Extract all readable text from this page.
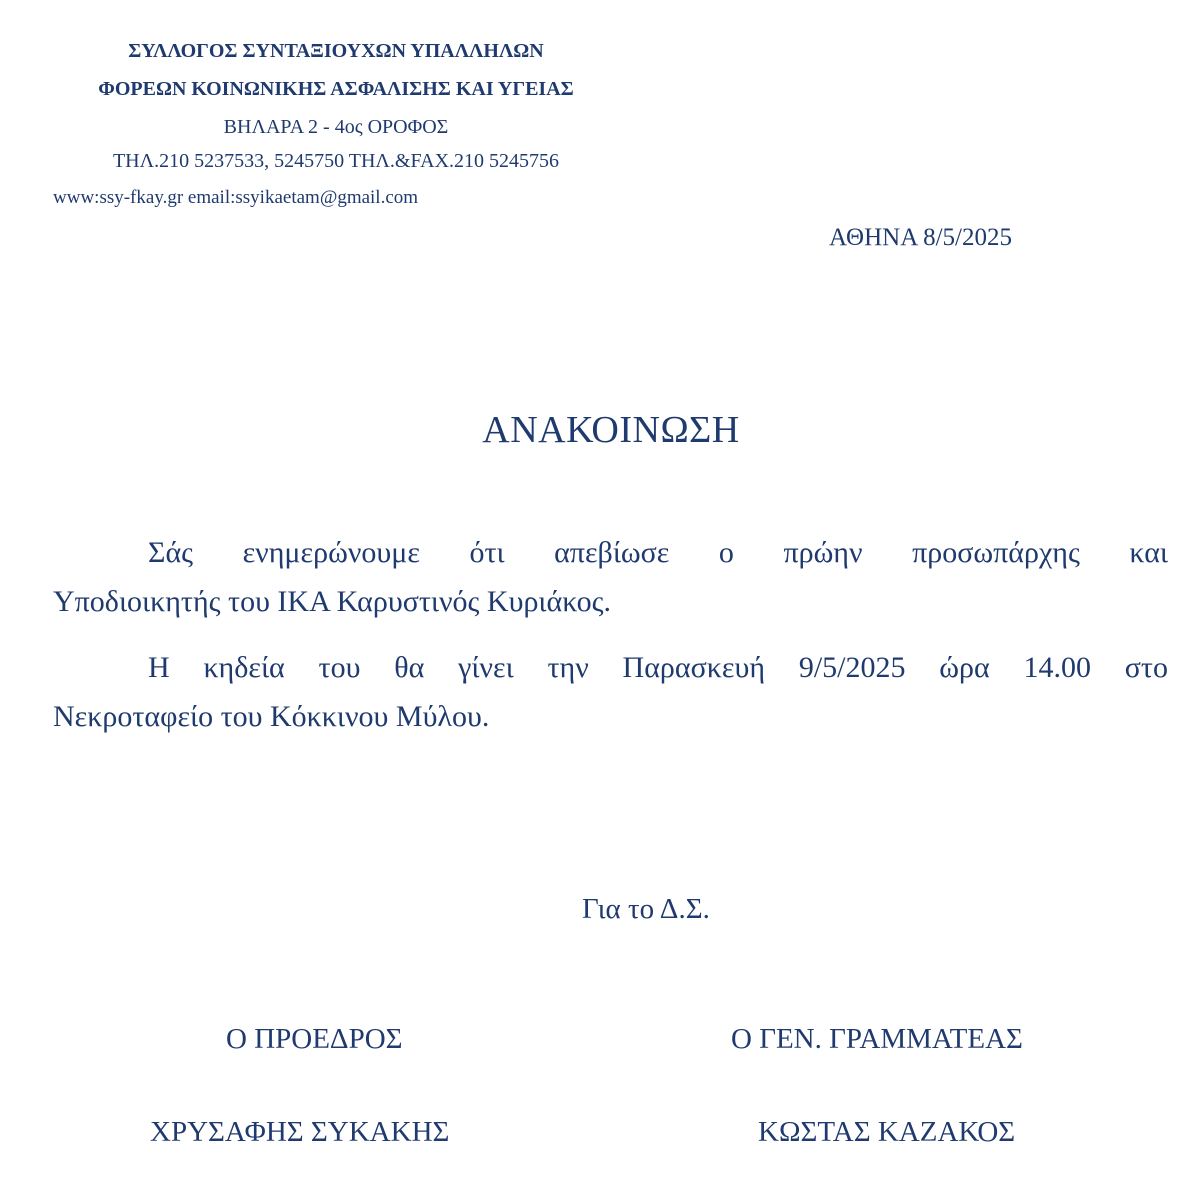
ΣΥΛΛΟΓΟΣ ΣΥΝΤΑΞΙΟΥΧΩΝ ΥΠΑΛΛΗΛΩΝ
ΦΟΡΕΩΝ ΚΟΙΝΩΝΙΚΗΣ ΑΣΦΑΛΙΣΗΣ ΚΑΙ ΥΓΕΙΑΣ
ΒΗΛΑΡΑ 2 - 4ος ΟΡΟΦΟΣ
ΤΗΛ.210 5237533, 5245750 ΤΗΛ.&FAX.210 5245756
www:ssy-fkay.gr email:ssyikaetam@gmail.com
ΑΘΗΝΑ 8/5/2025
ΑΝΑΚΟΙΝΩΣΗ
Σάς ενημερώνουμε ότι απεβίωσε ο πρώην προσωπάρχης και
Υποδιοικητής του ΙΚΑ Καρυστινός Κυριάκος.
Η κηδεία του θα γίνει την Παρασκευή 9/5/2025 ώρα 14.00 στο
Νεκροταφείο του Κόκκινου Μύλου.
Για το Δ.Σ.
Ο ΠΡΟΕΔΡΟΣ	Ο ΓΕΝ. ΓΡΑΜΜΑΤΕΑΣ
ΧΡΥΣΑΦΗΣ ΣΥΚΑΚΗΣ	ΚΩΣΤΑΣ ΚΑΖΑΚΟΣ
